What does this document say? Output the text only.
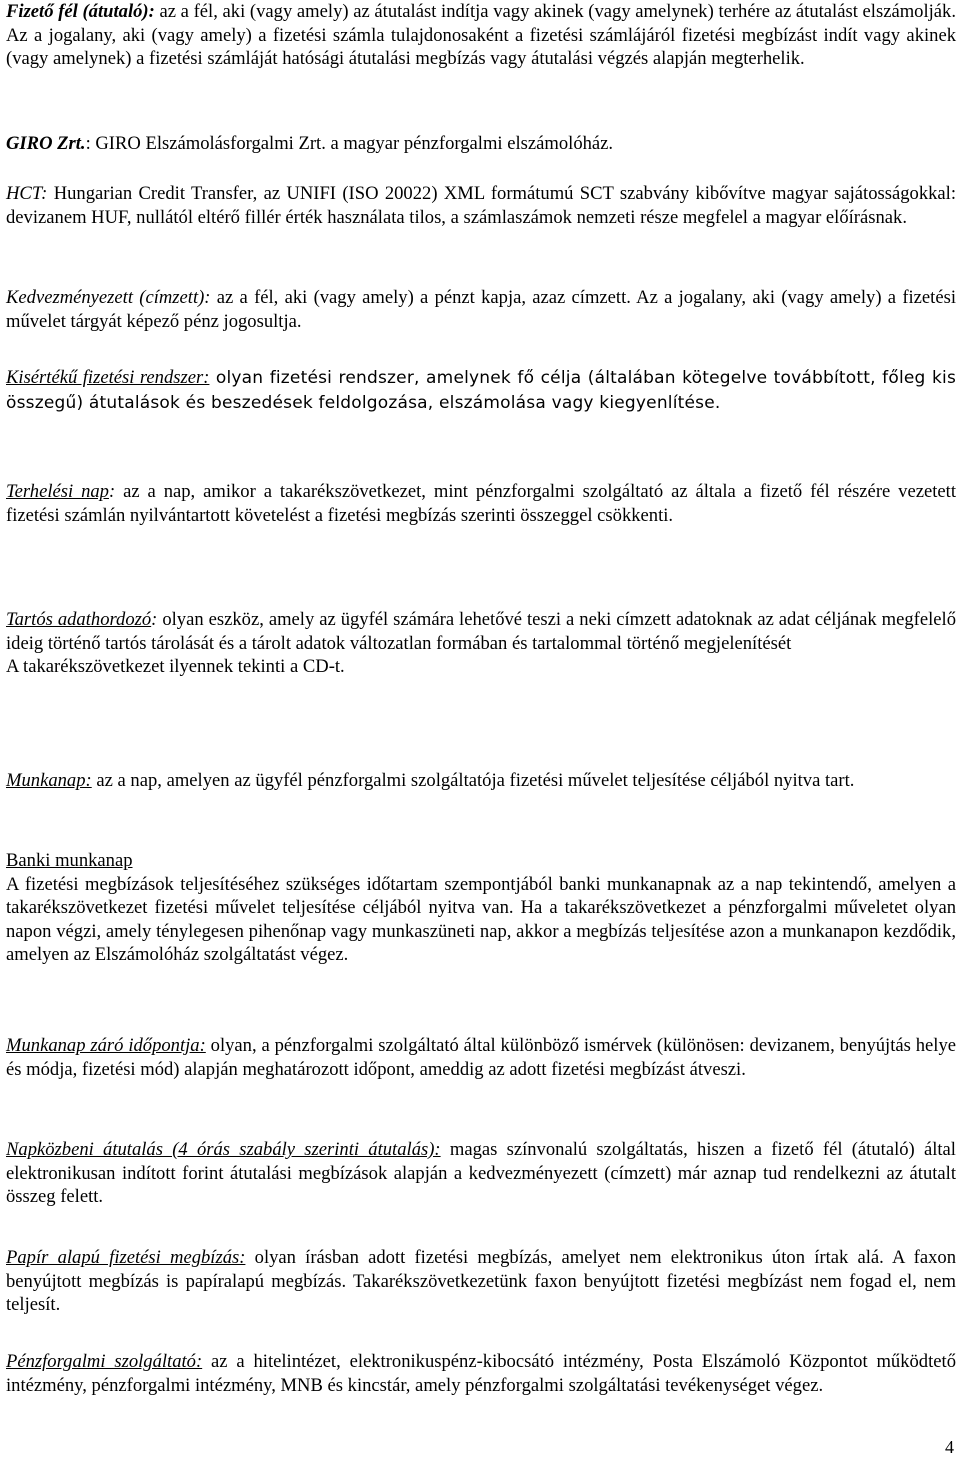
Fizető fél (átutaló): az a fél, aki (vagy amely) az átutalást indítja vagy akinek (vagy amelynek) terhére az átutalást elszámolják. Az a jogalany, aki (vagy amely) a fizetési számla tulajdonosaként a fizetési számlájáról fizetési megbízást indít vagy akinek (vagy amelynek) a fizetési számláját hatósági átutalási megbízás vagy átutalási végzés alapján megterhelik.

GIRO Zrt.: GIRO Elszámolásforgalmi Zrt. a magyar pénzforgalmi elszámolóház.

HCT: Hungarian Credit Transfer, az UNIFI (ISO 20022) XML formátumú SCT szabvány kibővítve magyar sajátosságokkal: devizanem HUF, nullától eltérő fillér érték használata tilos, a számlaszámok nemzeti része megfelel a magyar előírásnak.

Kedvezményezett (címzett): az a fél, aki (vagy amely) a pénzt kapja, azaz címzett. Az a jogalany, aki (vagy amely) a fizetési művelet tárgyát képező pénz jogosultja.

Kisértékű fizetési rendszer: olyan fizetési rendszer, amelynek fő célja (általában kötegelve továbbított, főleg kis összegű) átutalások és beszedések feldolgozása, elszámolása vagy kiegyenlítése.

Terhelési nap: az a nap, amikor a takarékszövetkezet, mint pénzforgalmi szolgáltató az általa a fizető fél részére vezetett fizetési számlán nyilvántartott követelést a fizetési megbízás szerinti összeggel csökkenti.

Tartós adathordozó: olyan eszköz, amely az ügyfél számára lehetővé teszi a neki címzett adatoknak az adat céljának megfelelő ideig történő tartós tárolását és a tárolt adatok változatlan formában és tartalommal történő megjelenítését
A takarékszövetkezet ilyennek tekinti a CD-t.

Munkanap: az a nap, amelyen az ügyfél pénzforgalmi szolgáltatója fizetési művelet teljesítése céljából nyitva tart.

Banki munkanap
A fizetési megbízások teljesítéséhez szükséges időtartam szempontjából banki munkanapnak az a nap tekintendő, amelyen a takarékszövetkezet fizetési művelet teljesítése céljából nyitva van. Ha a takarékszövetkezet a pénzforgalmi műveletet olyan napon végzi, amely ténylegesen pihenőnap vagy munkaszüneti nap, akkor a megbízás teljesítése azon a munkanapon kezdődik, amelyen az Elszámolóház szolgáltatást végez.

Munkanap záró időpontja: olyan, a pénzforgalmi szolgáltató által különböző ismérvek (különösen: devizanem, benyújtás helye és módja, fizetési mód) alapján meghatározott időpont, ameddig az adott fizetési megbízást átveszi.

Napközbeni átutalás (4 órás szabály szerinti átutalás): magas színvonalú szolgáltatás, hiszen a fizető fél (átutaló) által elektronikusan indított forint átutalási megbízások alapján a kedvezményezett (címzett) már aznap tud rendelkezni az átutalt összeg felett.

Papír alapú fizetési megbízás: olyan írásban adott fizetési megbízás, amelyet nem elektronikus úton írtak alá. A faxon benyújtott megbízás is papíralapú megbízás. Takarékszövetkezetünk faxon benyújtott fizetési megbízást nem fogad el, nem teljesít.

Pénzforgalmi szolgáltató: az a hitelintézet, elektronikuspénz-kibocsátó intézmény, Posta Elszámoló Központot működtető intézmény, pénzforgalmi intézmény, MNB és kincstár, amely pénzforgalmi szolgáltatási tevékenységet végez.

4
